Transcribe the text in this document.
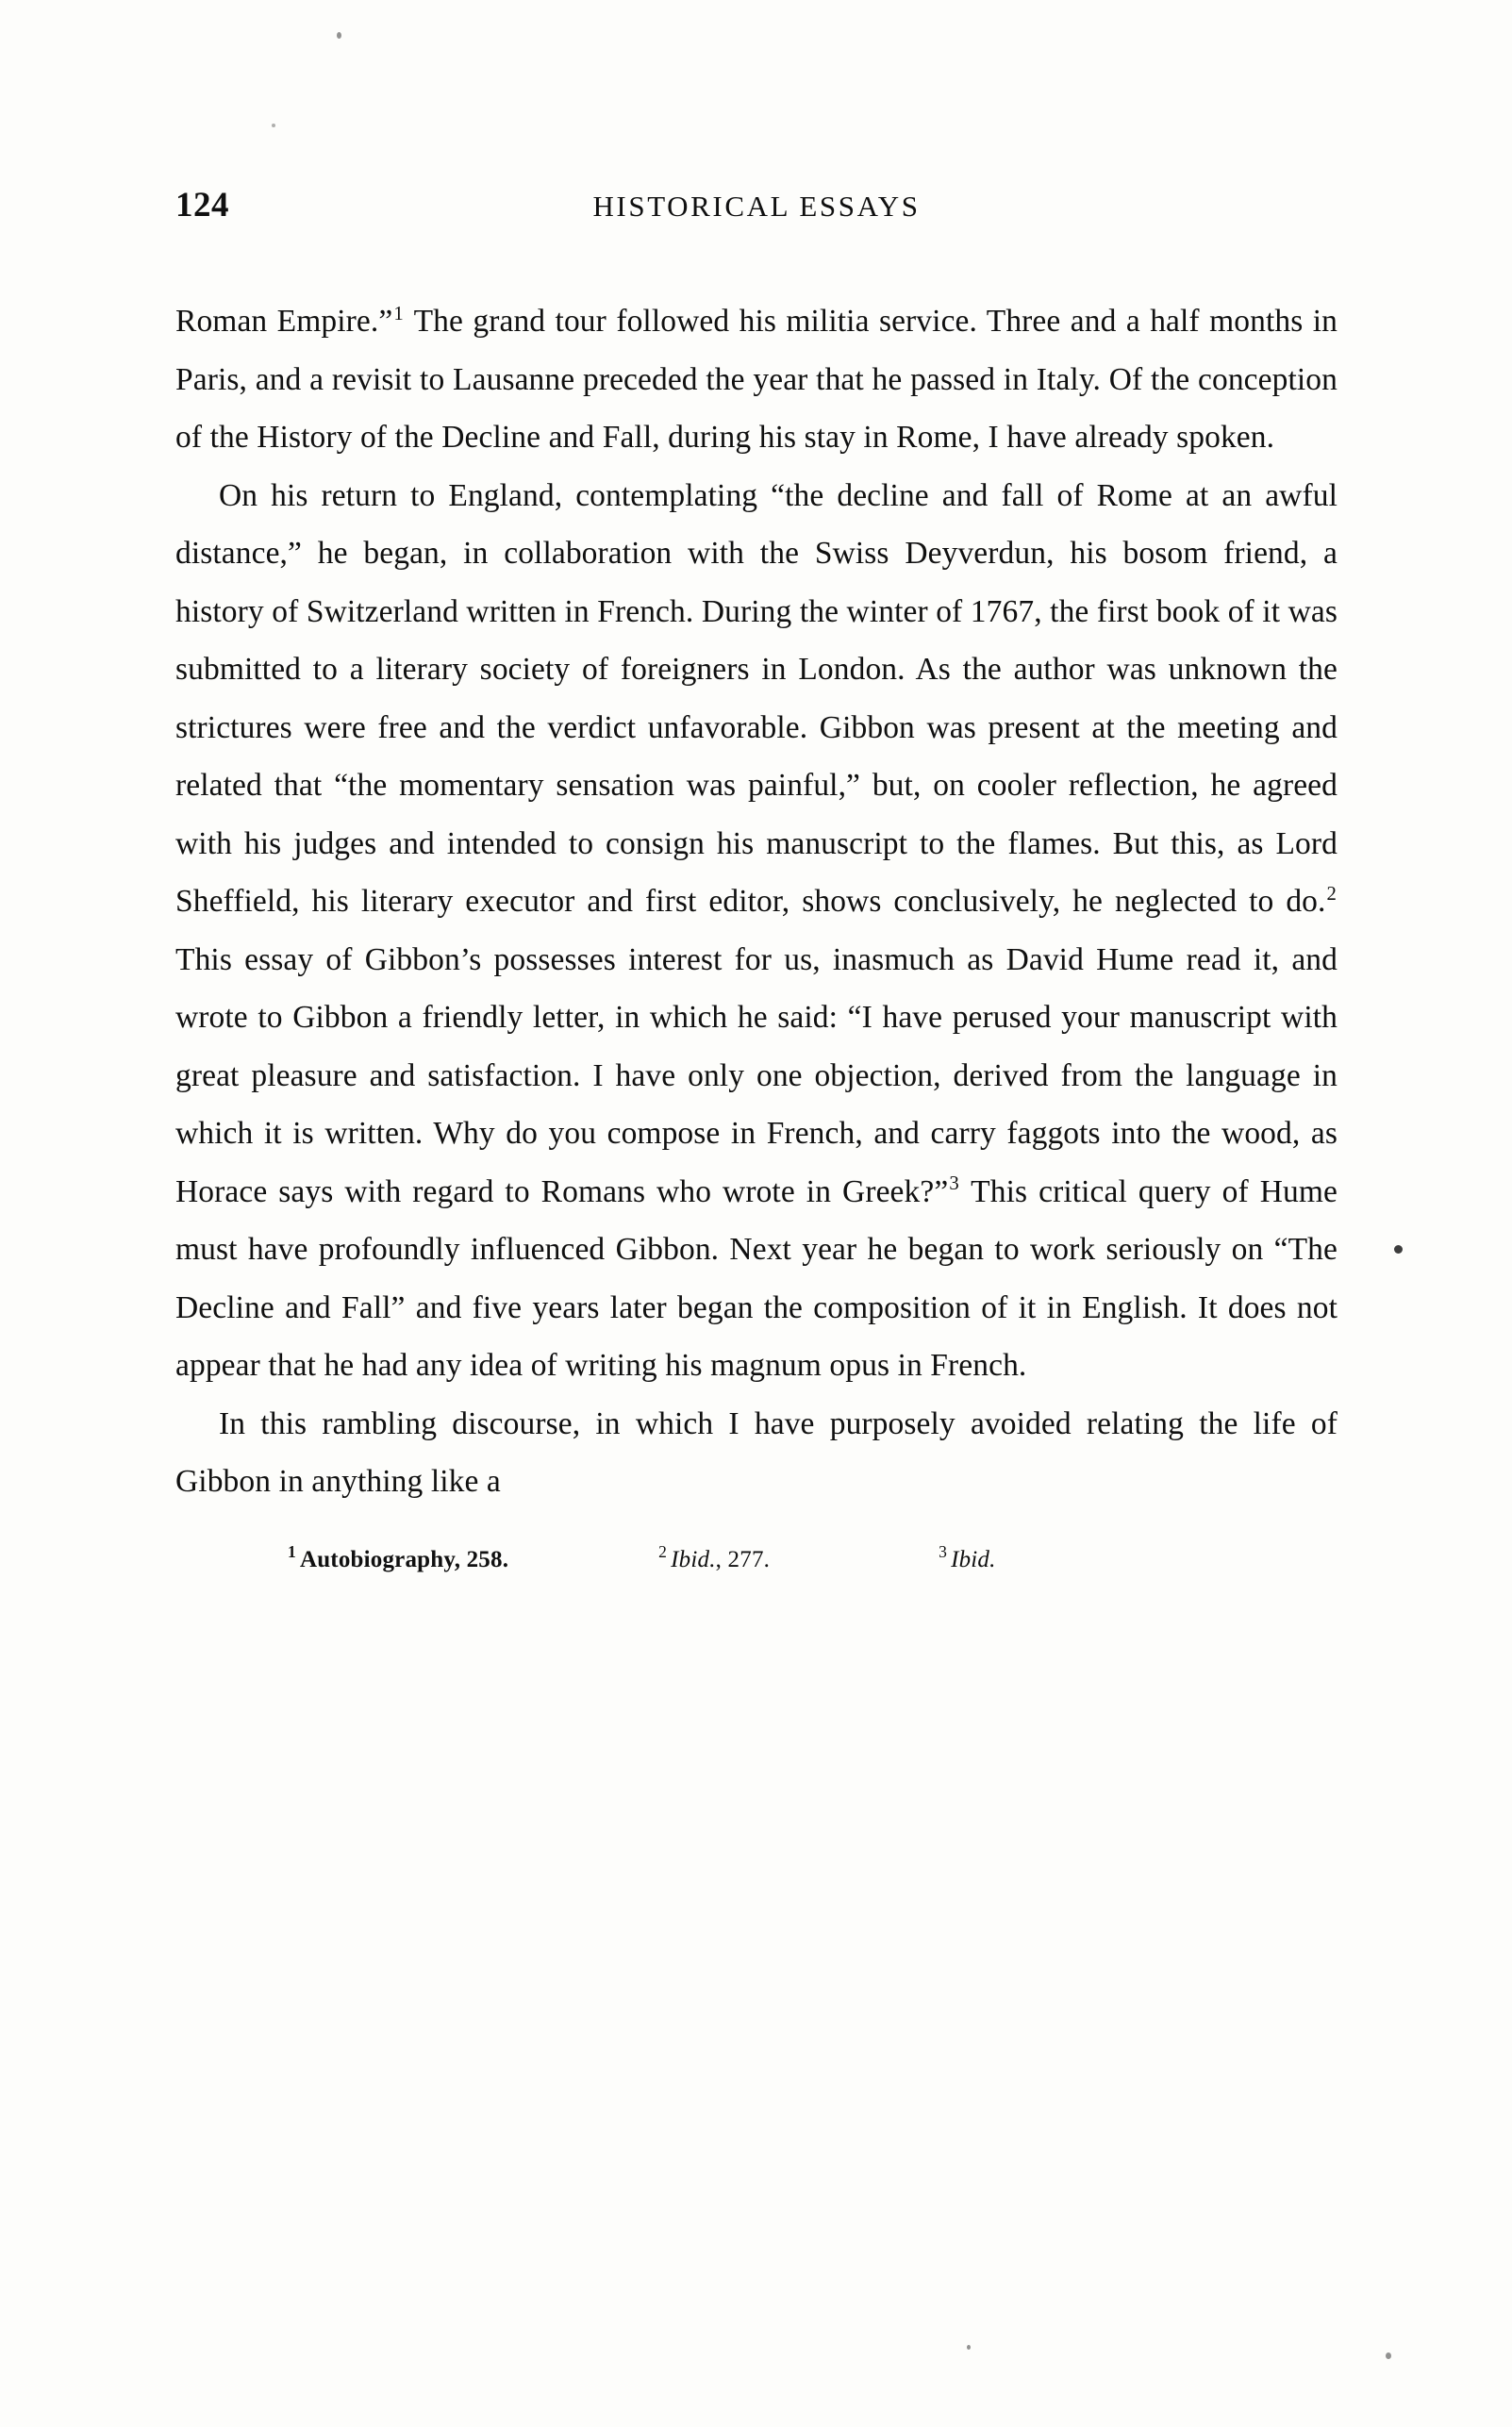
124	HISTORICAL ESSAYS

Roman Empire.”$^1$ The grand tour followed his militia service. Three and a half months in Paris, and a revisit to Lausanne preceded the year that he passed in Italy. Of the conception of the History of the Decline and Fall, during his stay in Rome, I have already spoken.

On his return to England, contemplating “the decline and fall of Rome at an awful distance,” he began, in collaboration with the Swiss Deyverdun, his bosom friend, a history of Switzerland written in French. During the winter of 1767, the first book of it was submitted to a literary society of foreigners in London. As the author was unknown the strictures were free and the verdict unfavorable. Gibbon was present at the meeting and related that “the momentary sensation was painful,” but, on cooler reflection, he agreed with his judges and intended to consign his manuscript to the flames. But this, as Lord Sheffield, his literary executor and first editor, shows conclusively, he neglected to do.$^2$ This essay of Gibbon’s possesses interest for us, inasmuch as David Hume read it, and wrote to Gibbon a friendly letter, in which he said: “I have perused your manuscript with great pleasure and satisfaction. I have only one objection, derived from the language in which it is written. Why do you compose in French, and carry faggots into the wood, as Horace says with regard to Romans who wrote in Greek?”$^3$ This critical query of Hume must have profoundly influenced Gibbon. Next year he began to work seriously on “The Decline and Fall” and five years later began the composition of it in English. It does not appear that he had any idea of writing his magnum opus in French.

In this rambling discourse, in which I have purposely avoided relating the life of Gibbon in anything like a

$^1$ Autobiography, 258.	$^2$ Ibid., 277.	$^3$ Ibid.
